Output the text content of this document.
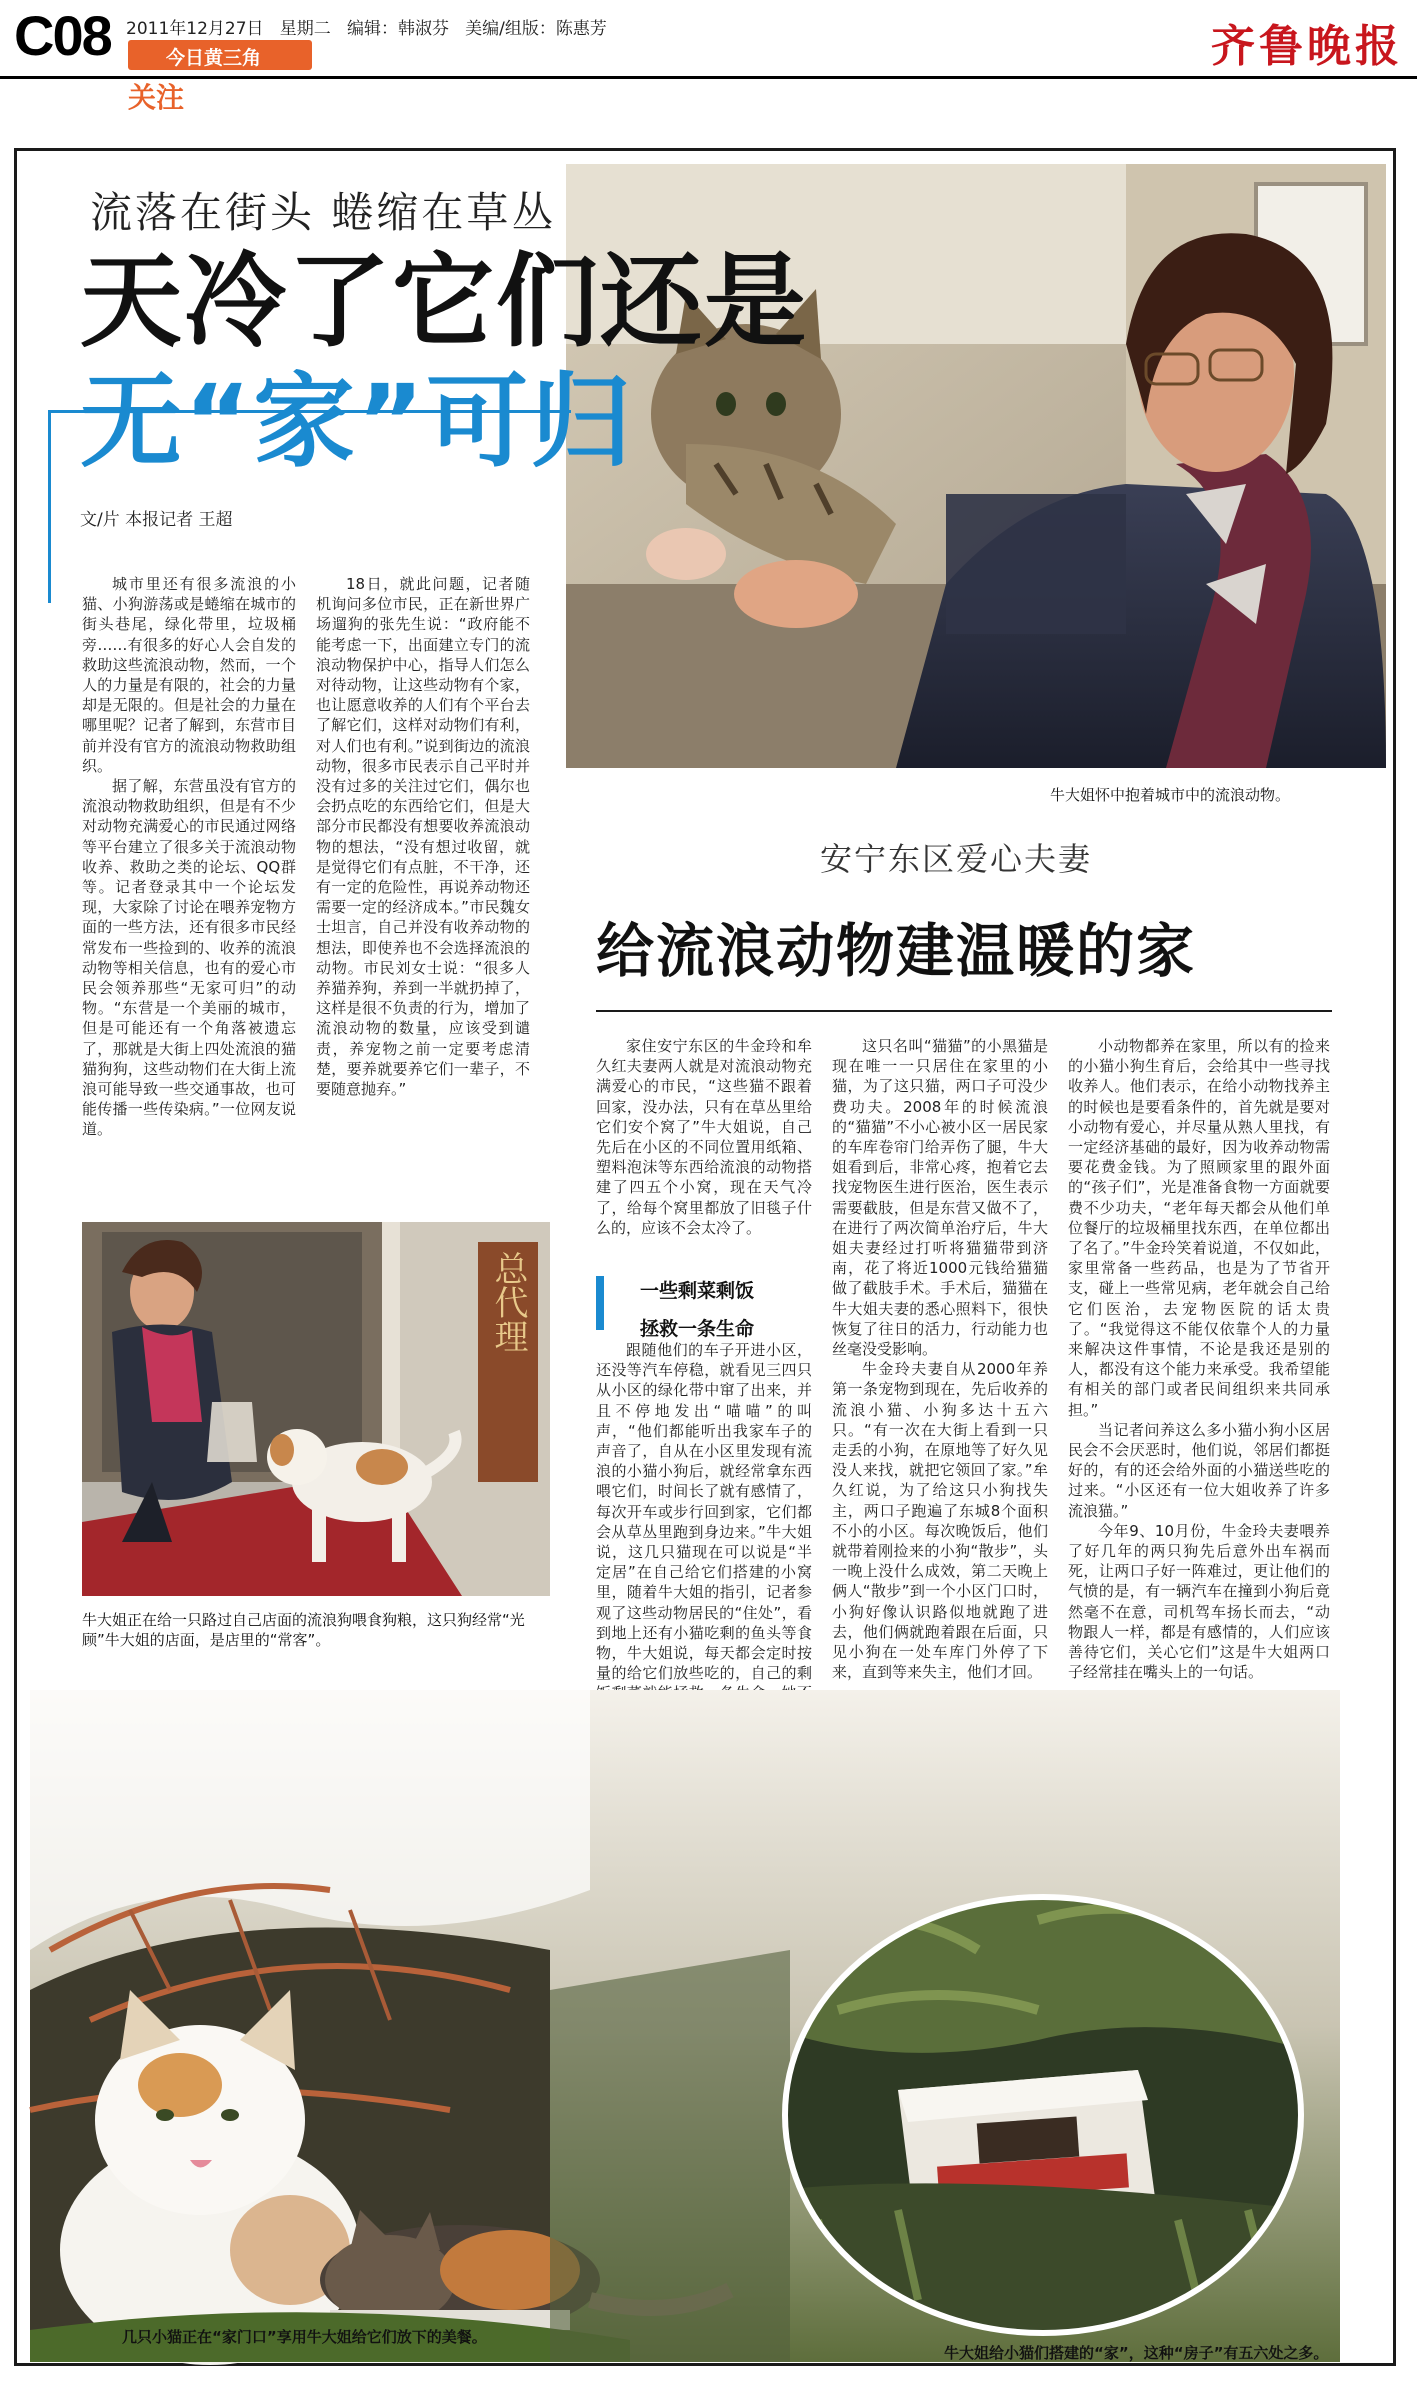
C08 2011年12月27日   星期二   编辑：韩淑芬   美编/组版：陈惠芳
今日黄三角
关注
齐鲁晚报
牛大姐怀中抱着城市中的流浪动物。
流落在街头 蜷缩在草丛
天冷了它们还是
无“家”可归
文/片 本报记者 王超

城市里还有很多流浪的小猫、小狗游荡或是蜷缩在城市的街头巷尾，绿化带里，垃圾桶旁……有很多的好心人会自发的救助这些流浪动物，然而，一个人的力量是有限的，社会的力量却是无限的。但是社会的力量在哪里呢？记者了解到，东营市目前并没有官方的流浪动物救助组织。

据了解，东营虽没有官方的流浪动物救助组织，但是有不少对动物充满爱心的市民通过网络等平台建立了很多关于流浪动物收养、救助之类的论坛、QQ群等。记者登录其中一个论坛发现，大家除了讨论在喂养宠物方面的一些方法，还有很多市民经常发布一些捡到的、收养的流浪动物等相关信息，也有的爱心市民会领养那些“无家可归”的动物。“东营是一个美丽的城市，但是可能还有一个角落被遗忘了，那就是大街上四处流浪的猫猫狗狗，这些动物们在大街上流浪可能导致一些交通事故，也可能传播一些传染病。”一位网友说道。

18日，就此问题，记者随机询问多位市民，正在新世界广场遛狗的张先生说：“政府能不能考虑一下，出面建立专门的流浪动物保护中心，指导人们怎么对待动物，让这些动物有个家，也让愿意收养的人们有个平台去了解它们，这样对动物们有利，对人们也有利。”说到街边的流浪动物，很多市民表示自己平时并没有过多的关注过它们，偶尔也会扔点吃的东西给它们，但是大部分市民都没有想要收养流浪动物的想法，“没有想过收留，就是觉得它们有点脏，不干净，还有一定的危险性，再说养动物还需要一定的经济成本。”市民魏女士坦言，自己并没有收养动物的想法，即使养也不会选择流浪的动物。市民刘女士说：“很多人养猫养狗，养到一半就扔掉了，这样是很不负责的行为，增加了流浪动物的数量，应该受到谴责，养宠物之前一定要考虑清楚，要养就要养它们一辈子，不要随意抛弃。”

总代理
牛大姐正在给一只路过自己店面的流浪狗喂食狗粮，这只狗经常“光顾”牛大姐的店面，是店里的“常客”。
安宁东区爱心夫妻
给流浪动物建温暖的家

家住安宁东区的牛金玲和牟久红夫妻两人就是对流浪动物充满爱心的市民，“这些猫不跟着回家，没办法，只有在草丛里给它们安个窝了”牛大姐说，自己先后在小区的不同位置用纸箱、塑料泡沫等东西给流浪的动物搭建了四五个小窝，现在天气冷了，给每个窝里都放了旧毯子什么的，应该不会太冷了。

一些剩菜剩饭
拯救一条生命

跟随他们的车子开进小区，还没等汽车停稳，就看见三四只从小区的绿化带中窜了出来，并且不停地发出“喵喵”的叫声，“他们都能听出我家车子的声音了，自从在小区里发现有流浪的小猫小狗后，就经常拿东西喂它们，时间长了就有感情了，每次开车或步行回到家，它们都会从草丛里跑到身边来。”牛大姐说，这几只猫现在可以说是“半定居”在自己给它们搭建的小窝里，随着牛大姐的指引，记者参观了这些动物居民的“住处”，看到地上还有小猫吃剩的鱼头等食物，牛大姐说，每天都会定时按量的给它们放些吃的，自己的剩

这只名叫“猫猫”的小黑猫是现在唯一一只居住在家里的小猫，为了这只猫，两口子可没少费功夫。2008年的时候流浪的“猫猫”不小心被小区一居民家的车库卷帘门给弄伤了腿，牛大姐看到后，非常心疼，抱着它去找宠物医生进行医治，医生表示需要截肢，但是东营又做不了，在进行了两次简单治疗后，牛大姐夫妻经过打听将猫猫带到济南，花了将近1000元钱给猫猫做了截肢手术。手术后，猫猫在牛大姐夫妻的悉心照料下，很快恢复了往日的活力，行动能力也丝毫没受影响。

牛金玲夫妻自从2000年养第一条宠物到现在，先后收养的流浪小猫、小狗多达十五六只。“有一次在大街上看到一只走丢的小狗，在原地等了好久见没人来找，就把它领回了家。”牟久红说，为了给这只小狗找失主，两口子跑遍了东城8个面积不小的小区。每次晚饭后，他们就带着刚捡来的小狗“散步”，头一晚上没什么成效，第二天晚上俩人“散步”到一个小区门口时，小狗好像认识路似地就跑了进去，他们俩就跑着跟在后面，只见小狗在一处车库门外停了下来，直到等来失主，他们才回。

小动物都养在家里，所以有的捡来的小猫小狗生育后，会给其中一些寻找收养人。他们表示，在给小动物找养主的时候也是要看条件的，首先就是要对小动物有爱心，并尽量从熟人里找，有一定经济基础的最好，因为收养动物需要花费金钱。为了照顾家里的跟外面的“孩子们”，光是准备食物一方面就要费不少功夫，“老年每天都会从他们单位餐厅的垃圾桶里找东西，在单位都出了名了。”牛金玲笑着说道，不仅如此，家里常备一些药品，也是为了节省开支，碰上一些常见病，老年就会自己给它们医治，去宠物医院的话太贵了。“我觉得这不能仅依靠个人的力量来解决这件事情，不论是我还是别的人，都没有这个能力来承受。我希望能有相关的部门或者民间组织来共同承担。”

当记者问养这么多小猫小狗小区居民会不会厌恶时，他们说，邻居们都挺好的，有的还会给外面的小猫送些吃的过来。“小区还有一位大姐收养了许多流浪猫。”

今年9、10月份，牛金玲夫妻喂养了好几年的两只狗先后意外出车祸而死，让两口子好一阵难过，更让他们的气愤的是，有一辆汽车在撞到小狗后竟然毫不在意，司机驾车扬长而去，“动物跟人一样，都是有感情的，人们应该善待它们，关心它们”这是牛大姐两口子经常挂在嘴头上的一句话。

几只小猫正在“家门口”享用牛大姐给它们放下的美餐。
牛大姐给小猫们搭建的“家”，这种“房子”有五六处之多。
